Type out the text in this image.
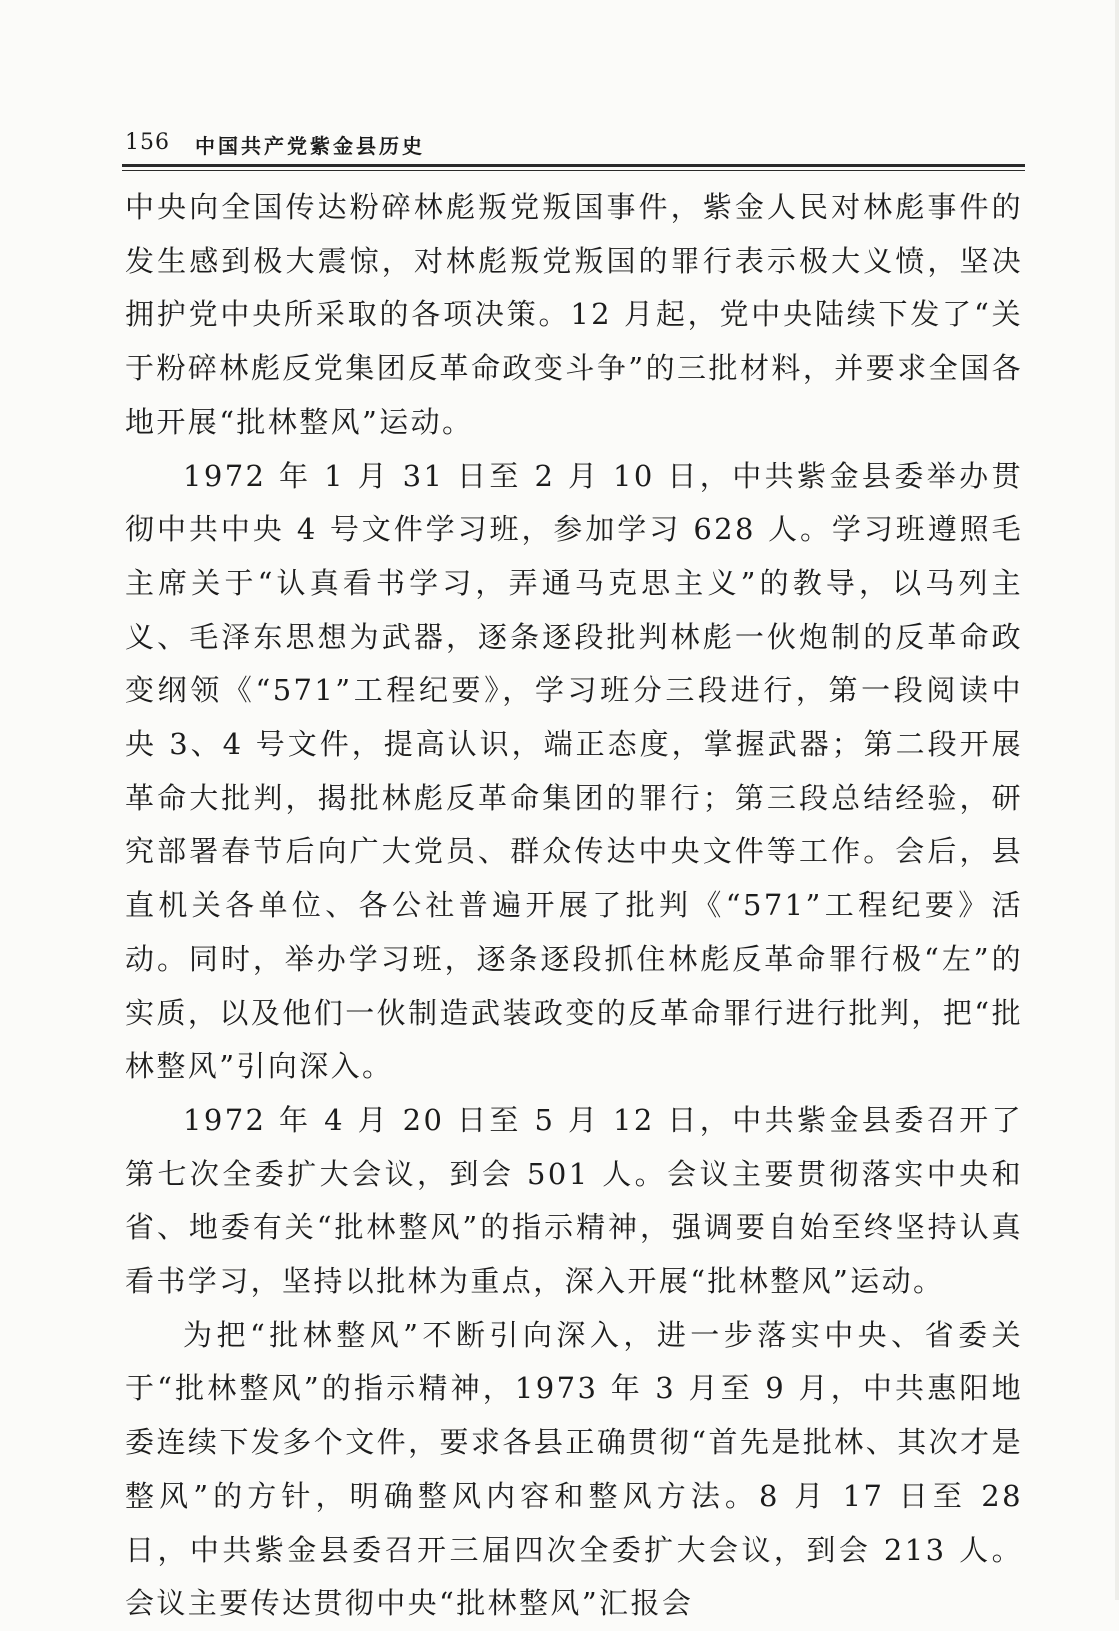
156 中国共产党紫金县历史

中央向全国传达粉碎林彪叛党叛国事件，紫金人民对林彪事件的发生感到极大震惊，对林彪叛党叛国的罪行表示极大义愤，坚决拥护党中央所采取的各项决策。12 月起，党中央陆续下发了“关于粉碎林彪反党集团反革命政变斗争”的三批材料，并要求全国各地开展“批林整风”运动。

1972 年 1 月 31 日至 2 月 10 日，中共紫金县委举办贯彻中共中央 4 号文件学习班，参加学习 628 人。学习班遵照毛主席关于“认真看书学习，弄通马克思主义”的教导，以马列主义、毛泽东思想为武器，逐条逐段批判林彪一伙炮制的反革命政变纲领《“571”工程纪要》，学习班分三段进行，第一段阅读中央 3、4 号文件，提高认识，端正态度，掌握武器；第二段开展革命大批判，揭批林彪反革命集团的罪行；第三段总结经验，研究部署春节后向广大党员、群众传达中央文件等工作。会后，县直机关各单位、各公社普遍开展了批判《“571”工程纪要》活动。同时，举办学习班，逐条逐段抓住林彪反革命罪行极“左”的实质，以及他们一伙制造武装政变的反革命罪行进行批判，把“批林整风”引向深入。

1972 年 4 月 20 日至 5 月 12 日，中共紫金县委召开了第七次全委扩大会议，到会 501 人。会议主要贯彻落实中央和省、地委有关“批林整风”的指示精神，强调要自始至终坚持认真看书学习，坚持以批林为重点，深入开展“批林整风”运动。

为把“批林整风”不断引向深入，进一步落实中央、省委关于“批林整风”的指示精神，1973 年 3 月至 9 月，中共惠阳地委连续下发多个文件，要求各县正确贯彻“首先是批林、其次才是整风”的方针，明确整风内容和整风方法。8 月 17 日至 28 日，中共紫金县委召开三届四次全委扩大会议，到会 213 人。会议主要传达贯彻中央“批林整风”汇报会
